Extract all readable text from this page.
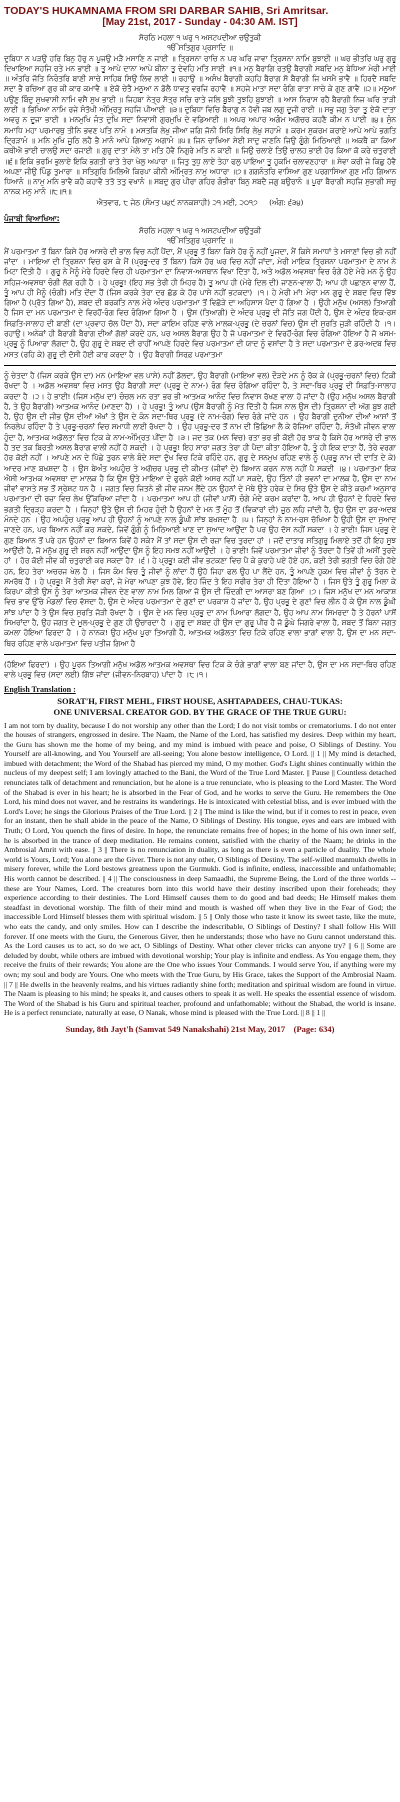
TODAY'S HUKAMNAMA FROM SRI DARBAR SAHIB, Sri Amritsar.
[May 21st, 2017 - Sunday - 04:30 AM. IST]
ਸੋਰਠਿ ਮਹਲਾ ੧ ਘਰੁ ੧ ਅਸਟਪਦੀਆ ਚਉਤੁਕੀ
ੴ ਸਤਿਗੁਰ ਪ੍ਰਸਾਦਿ ॥

ਦੁਬਿਧਾ ਨ ਪੜਉ ਹਰਿ ਬਿਨੁ ਹੋਰੁ ਨ ਪੂਜਉ ਮੜੈ ਮਸਾਣਿ ਨ ਜਾਈ ॥ ਤ੍ਰਿਸਨਾ ਰਾਚਿ ਨ ਪਰ ਘਰਿ ਜਾਵਾ ਤ੍ਰਿਸਨਾ ਨਾਮਿ ਬੁਝਾਈ ॥ ਘਰ ਭੀਤਰਿ ਘਰੁ ਗੁਰੂ ਦਿਖਾਇਆ ਸਹਜਿ ਰਤੇ ਮਨ ਭਾਈ ॥ ਤੂ ਆਪੇ ਦਾਨਾ ਆਪੇ ਬੀਨਾ ਤੂ ਦੇਵਹਿ ਮਤਿ ਸਾਈ ॥੧॥ ਮਨੁ ਬੈਰਾਗਿ ਰਤਉ ਬੈਰਾਗੀ ਸਬਦਿ ਮਨੁ ਬੇਧਿਆ ਮੇਰੀ ਮਾਈ ॥ ਅੰਤਰਿ ਜੋਤਿ ਨਿਰੰਤਰਿ ਬਾਣੀ ਸਾਚੇ ਸਾਹਿਬ ਸਿਉ ਲਿਵ ਲਾਈ ॥ ਰਹਾਉ ॥ ਅਸੰਖ ਬੈਰਾਗੀ ਕਹਹਿ ਬੈਰਾਗ ਸੋ ਬੈਰਾਗੀ ਜਿ ਖਸਮੈ ਭਾਵੈ ॥ ਹਿਰਦੈ ਸਬਦਿ ਸਦਾ ਭੈ ਰਚਿਆ ਗੁਰ ਕੀ ਕਾਰ ਕਮਾਵੈ ॥ ਏਕੋ ਚੇਤੈ ਮਨੂਆ ਨ ਡੋਲੈ ਧਾਵਤੁ ਵਰਜਿ ਰਹਾਵੈ ॥ ਸਹਜੇ ਮਾਤਾ ਸਦਾ ਰੰਗਿ ਰਾਤਾ ਸਾਚੇ ਕੇ ਗੁਣ ਗਾਵੈ ॥੨॥ ਮਨੂਆ ਪਉਣੁ ਬਿੰਦੁ ਸੁਖਵਾਸੀ ਨਾਮਿ ਵਸੈ ਸੁਖ ਭਾਈ ॥ ਜਿਹਬਾ ਨੇਤ੍ਰ ਸੋਤ੍ਰ ਸਚਿ ਰਾਤੇ ਜਲਿ ਬੂਝੀ ਤੁਝਹਿ ਬੁਝਾਈ ॥ ਆਸ ਨਿਰਾਸ ਰਹੈ ਬੈਰਾਗੀ ਨਿਜ ਘਰਿ ਤਾੜੀ ਲਾਈ ॥ ਭਿਖਿਆ ਨਾਮਿ ਰਜੇ ਸੰਤੋਖੀ ਅੰਮ੍ਰਿਤੁ ਸਹਜਿ ਪੀਆਈ ॥੩॥ ਦੁਬਿਧਾ ਵਿਚਿ ਬੈਰਾਗੁ ਨ ਹੋਵੀ ਜਬ ਲਗੁ ਦੂਜੀ ਰਾਈ ॥ ਸਭੁ ਜਗੁ ਤੇਰਾ ਤੂ ਏਕੋ ਦਾਤਾ ਅਵਰੁ ਨ ਦੂਜਾ ਭਾਈ ॥ ਮਨਮੁਖਿ ਜੰਤ ਦੁਖਿ ਸਦਾ ਨਿਵਾਸੀ ਗੁਰਮੁਖਿ ਦੇ ਵਡਿਆਈ ॥ ਅਪਰ ਅਪਾਰ ਅਗੰਮ ਅਗੋਚਰ ਕਹਣੈ ਕੀਮ ਨ ਪਾਈ ॥੪॥ ਸੁੰਨ ਸਮਾਧਿ ਮਹਾ ਪਰਮਾਰਥੁ ਤੀਨਿ ਭਵਣ ਪਤਿ ਨਾਮੰ ॥ ਮਸਤਕਿ ਲੇਖੁ ਜੀਆ ਜਗਿ ਜੋਨੀ ਸਿਰਿ ਸਿਰਿ ਲੇਖੁ ਸਹਾਮੰ ॥ ਕਰਮ ਸੁਕਰਮ ਕਰਾਏ ਆਪੇ ਆਪੇ ਭਗਤਿ ਦ੍ਰਿੜਾਮੰ ॥ ਮਨਿ ਮੁਖਿ ਜੂਠਿ ਲਹੈ ਭੈ ਮਾਨੰ ਆਪੇ ਗਿਆਨੁ ਅਗਾਮੰ ॥੫॥ ਜਿਨ ਚਾਖਿਆ ਸੇਈ ਸਾਦੁ ਜਾਣਨਿ ਜਿਉ ਗੂੰਗੇ ਮਿਠਿਆਈ ॥ ਅਕਥੈ ਕਾ ਕਿਆ ਕਥੀਐ ਭਾਈ ਚਾਲਉ ਸਦਾ ਰਜਾਈ ॥ ਗੁਰੁ ਦਾਤਾ ਮੇਲੇ ਤਾ ਮਤਿ ਹੋਵੈ ਨਿਗੁਰੇ ਮਤਿ ਨ ਕਾਈ ॥ ਜਿਉ ਚਲਾਏ ਤਿਉ ਚਾਲਹ ਭਾਈ ਹੋਰ ਕਿਆ ਕੋ ਕਰੇ ਚਤੁਰਾਈ ॥੬॥ ਇਕਿ ਭਰਮਿ ਭੁਲਾਏ ਇਕਿ ਭਗਤੀ ਰਾਤੇ ਤੇਰਾ ਖੇਲੁ ਅਪਾਰਾ ॥ ਜਿਤੁ ਤੁਧੁ ਲਾਏ ਤੇਹਾ ਫਲੁ ਪਾਇਆ ਤੂ ਹੁਕਮਿ ਚਲਾਵਣਹਾਰਾ ॥ ਸੇਵਾ ਕਰੀ ਜੇ ਕਿਛੁ ਹੋਵੈ ਅਪਣਾ ਜੀਉ ਪਿੰਡੁ ਤੁਮਾਰਾ ॥ ਸਤਿਗੁਰਿ ਮਿਲਿਐ ਕਿਰਪਾ ਕੀਨੀ ਅੰਮ੍ਰਿਤ ਨਾਮੁ ਅਧਾਰਾ ॥੭॥ ਗਗਨੰਤਰਿ ਵਾਸਿਆ ਗੁਣ ਪਰਗਾਸਿਆ ਗੁਣ ਮਹਿ ਗਿਆਨ ਧਿਆਨੰ ॥ ਨਾਮੁ ਮਨਿ ਭਾਵੈ ਕਹੈ ਕਹਾਵੈ ਤਤੋ ਤਤੁ ਵਖਾਨੰ ॥ ਸਬਦੁ ਗੁਰ ਪੀਰਾ ਗਹਿਰ ਗੰਭੀਰਾ ਬਿਨੁ ਸਬਦੈ ਜਗੁ ਬਉਰਾਨੰ ॥ ਪੂਰਾ ਬੈਰਾਗੀ ਸਹਜਿ ਸੁਭਾਗੀ ਸਚੁ ਨਾਨਕ ਮਨੁ ਮਾਨੰ ॥੮॥੧॥

ਐਤਵਾਰ, ੮ ਜੇਠ (ਸੰਮਤ ੫੪੯ ਨਾਨਕਸ਼ਾਹੀ) ੨੧ ਮਈ, ੨੦੧੭ (ਅੰਗ: ੬੩੪)
ਪੰਜਾਬੀ ਵਿਆਖਿਆ:
ਸੋਰਠਿ ਮਹਲਾ ੧ ਘਰੁ ੧ ਅਸਟਪਦੀਆ ਚਉਤੁਕੀ
ੴ ਸਤਿਗੁਰ ਪ੍ਰਸਾਦਿ ॥

ਮੈਂ ਪਰਮਾਤਮਾ ਤੋਂ ਬਿਨਾ ਕਿਸੇ ਹੋਰ ਆਸਰੇ ਦੀ ਭਾਲ ਵਿਚ ਨਹੀਂ ਪੈਂਦਾ, ਮੈਂ ਪ੍ਰਭੂ ਤੋਂ ਬਿਨਾ ਕਿਸੇ ਹੋਰ ਨੂੰ ਨਹੀਂ ਪੂਜਦਾ, ਮੈਂ ਕਿਸੇ ਸਮਾਧਾਂ ਤੇ ਮਸਾਣਾਂ ਵਿਚ ਭੀ ਨਹੀਂ ਜਾਂਦਾ । ਮਾਇਆ ਦੀ ਤ੍ਰਿਸ਼ਨਾ ਵਿਚ ਫਸ ਕੇ ਮੈਂ (ਪ੍ਰਭੂ-ਦਰ ਤੋਂ ਬਿਨਾ) ਕਿਸੇ ਹੋਰ ਘਰ ਵਿਚ ਨਹੀਂ ਜਾਂਦਾ, ਮੇਰੀ ਮਾਇਕ ਤ੍ਰਿਸ਼ਨਾ ਪਰਮਾਤਮਾ ਦੇ ਨਾਮ ਨੇ ਮਿਟਾ ਦਿੱਤੀ ਹੈ । ਗੁਰੂ ਨੇ ਮੈਨੂੰ ਮੇਰੇ ਹਿਰਦੇ ਵਿਚ ਹੀ ਪਰਮਾਤਮਾ ਦਾ ਨਿਵਾਸ-ਅਸਥਾਨ ਵਿਖਾ ਦਿੱਤਾ ਹੈ, ਅਤੇ ਅਡੋਲ ਅਵਸਥਾ ਵਿਚ ਰੰਗੇ ਹੋਏ ਮੇਰੇ ਮਨ ਨੂੰ ਉਹ ਸਹਿਜ-ਅਵਸਥਾ ਚੰਗੀ ਲੱਗ ਰਹੀ ਹੈ । ਹੇ ਪ੍ਰਭੂ! (ਇਹ ਸਭ ਤੇਰੀ ਹੀ ਮਿਹਰ ਹੈ) ਤੂ ਆਪ ਹੀ (ਮੇਰੇ ਦਿਲ ਦੀ) ਜਾਣਨ-ਵਾਲਾ ਹੈਂ; ਆਪ ਹੀ ਪਛਾਣਨ ਵਾਲਾ ਹੈਂ, ਤੂੰ ਆਪ ਹੀ ਮੈਨੂੰ (ਚੰਗੀ) ਮਤਿ ਦੇਂਦਾ ਹੈਂ (ਜਿਸ ਕਰਕੇ ਤੇਰਾ ਦਰ ਛੱਡ ਕੇ ਹੋਰ ਪਾਸੇ ਨਹੀਂ ਭਟਕਦਾ) ।੧। ਹੇ ਮੇਰੀ ਮਾਂ! ਮੇਰਾ ਮਨ ਗੁਰੂ ਦੇ ਸ਼ਬਦ ਵਿਚ ਵਿੱਝ ਗਿਆ ਹੈ (ਪ੍ਰੋਤ ਗਿਆ ਹੈ), ਸ਼ਬਦ ਦੀ ਬਰਕਤਿ ਨਾਲ ਮੇਰੇ ਅੰਦਰ ਪਰਮਾਤਮਾ ਤੋਂ ਵਿਛੋੜੇ ਦਾ ਅਹਿਸਾਸ ਪੈਦਾ ਹੋ ਗਿਆ ਹੈ । ਉਹੀ ਮਨੁੱਖ (ਅਸਲ) ਤਿਆਗੀ ਹੈ ਜਿਸ ਦਾ ਮਨ ਪਰਮਾਤਮਾ ਦੇ ਵਿਰਹੋਂ-ਰੰਗ ਵਿਚ ਰੰਗਿਆ ਗਿਆ ਹੈ । ਉਸ (ਤਿਆਗੀ) ਦੇ ਅੰਦਰ ਪ੍ਰਭੂ ਦੀ ਜੋਤਿ ਜਗ ਪੈਂਦੀ ਹੈ, ਉਸ ਦੇ ਅੰਦਰ ਇਕ-ਰਸ ਸਿਫ਼ਤਿ-ਸਾਲਾਹ ਦੀ ਬਾਣੀ (ਦਾ ਪ੍ਰਵਾਹ ਚੱਲ ਪੈਂਦਾ ਹੈ), ਸਦਾ ਕਾਇਮ ਰਹਿਣ ਵਾਲੇ ਮਾਲਕ-ਪ੍ਰਭੂ (ਦੇ ਚਰਨਾਂ ਵਿਚ) ਉਸ ਦੀ ਸੁਰਤਿ ਜੁੜੀ ਰਹਿੰਦੀ ਹੈ ।੧।ਰਹਾਉ। ਅਨੇਕਾਂ ਹੀ ਬੈਰਾਗੀ ਬੈਰਾਗ ਦੀਆਂ ਗੱਲਾਂ ਕਰਦੇ ਹਨ, ਪਰ ਅਸਲ ਬੈਰਾਗ ਉਹ ਹੈ ਜੋ ਪਰਮਾਤਮਾ ਦੇ ਵਿਰਹੋਂ-ਰੰਗ ਵਿਚ ਰੰਗਿਆ ਹੋਇਆ ਹੈ ਜੋ ਖਸਮ-ਪ੍ਰਭੂ ਨੂੰ ਪਿਆਰਾ ਲੱਗਦਾ ਹੈ, ਉਹ ਗੁਰੂ ਦੇ ਸ਼ਬਦ ਦੀ ਰਾਹੀਂ ਆਪਣੇ ਹਿਰਦੇ ਵਿਚ ਪਰਮਾਤਮਾ ਦੀ ਯਾਦ ਨੂੰ ਵਸਾਂਦਾ ਹੈ ਤੇ ਸਦਾ ਪਰਮਾਤਮਾ ਦੇ ਡਰ-ਅਦਬ ਵਿਚ ਮਸਤ (ਰਹਿ ਕੇ) ਗੁਰੂ ਦੀ ਦੱਸੀ ਹੋਈ ਕਾਰ ਕਰਦਾ ਹੈ । ਉਹ ਬੈਰਾਗੀ ਸਿਰਫ਼ ਪਰਮਾਤਮਾ

ਨੂੰ ਚੇਤਦਾ ਹੈ (ਜਿਸ ਕਰਕੇ ਉਸ ਦਾ) ਮਨ (ਮਾਇਆ ਵਲ ਪਾਸੇ) ਨਹੀਂ ਡੋਲਦਾ, ਉਹ ਬੈਰਾਗੀ (ਮਾਇਆ ਵਲ) ਦੌੜਦੇ ਮਨ ਨੂੰ ਰੋਕ ਕੇ (ਪ੍ਰਭੂ-ਚਰਨਾਂ ਵਿਚ) ਟਿਕੀ ਰੱਖਦਾ ਹੈ । ਅਡੋਲ ਅਵਸਥਾ ਵਿਚ ਮਸਤ ਉਹ ਬੈਰਾਗੀ ਸਦਾ (ਪ੍ਰਭੂ ਦੇ ਨਾਮ-) ਰੰਗ ਵਿਚ ਰੰਗਿਆ ਰਹਿੰਦਾ ਹੈ, ਤੇ ਸਦਾ-ਥਿਰ ਪ੍ਰਭੂ ਦੀ ਸਿਫ਼ਤਿ-ਸਾਲਾਹ ਕਰਦਾ ਹੈ ।੨। ਹੇ ਭਾਈ! (ਜਿਸ ਮਨੁੱਖ ਦਾ) ਚੰਚਲ ਮਨ ਰਤਾ ਭਰ ਭੀ ਆਤਮਕ ਆਨੰਦ ਵਿਚ ਨਿਵਾਸ ਰੱਖਣ ਵਾਲਾ ਹੋ ਜਾਂਦਾ ਹੈ (ਉਹ ਮਨੁੱਖ ਅਸਲ ਬੈਰਾਗੀ ਹੈ, ਤੇ ਉਹ ਬੈਰਾਗੀ) ਆਤਮਕ ਆਨੰਦ (ਮਾਣਦਾ ਹੈ) । ਹੇ ਪ੍ਰਭੂ! ਤੂੰ ਆਪ (ਉਸ ਬੈਰਾਗੀ ਨੂੰ ਮੱਤ ਦਿੱਤੀ ਹੈ ਜਿਸ ਨਾਲ ਉਸ ਦੀ) ਤ੍ਰਿਸ਼ਨਾ ਦੀ ਅੱਗ ਬੁਝ ਗਈ ਹੈ, ਉਹ ਉਸ ਦੀ ਜੀਭ ਉਸ ਦੀਆਂ ਅੱਖਾਂ ਤੇ ਉਸ ਦੇ ਕੰਨ ਸਦਾ-ਥਿਰ ਪ੍ਰਭੂ (ਦੇ ਨਾਮ-ਰੰਗ) ਵਿਚ ਰੰਗੇ ਜਾਂਦੇ ਹਨ । ਉਹ ਬੈਰਾਗੀ ਦੁਨੀਆ ਦੀਆਂ ਆਸਾਂ ਤੋਂ ਨਿਰਲੇਪ ਰਹਿੰਦਾ ਹੈ ਤੇ ਪ੍ਰਭੂ-ਚਰਨਾਂ ਵਿਚ ਸਮਾਧੀ ਲਾਈ ਰੱਖਦਾ ਹੈ । ਉਹ ਪ੍ਰਭੂ-ਦਰ ਤੋਂ ਨਾਮ ਦੀ ਭਿੱਛਿਆ ਲੈ ਕੇ ਰੱਜਿਆ ਰਹਿੰਦਾ ਹੈ, ਸੰਤੋਖੀ ਜੀਵਨ ਵਾਲਾ ਹੁੰਦਾ ਹੈ, ਆਤਮਕ ਅਡੋਲਤਾ ਵਿਚ ਟਿਕ ਕੇ ਨਾਮ-ਅੰਮ੍ਰਿਤ ਪੀਂਦਾ ਹੈ ।੩। ਜਦ ਤਕ (ਮਨ ਵਿਚ) ਰਤਾ ਭਰ ਭੀ ਕੋਈ ਹੋਰ ਝਾਕ ਹੈ ਕਿਸੇ ਹੋਰ ਆਸਰੇ ਦੀ ਭਾਲ ਹੈ ਤਦ ਤਕ ਬਿਰਤੀ ਅਸਲ ਬੈਰਾਗ ਵਾਲੀ ਨਹੀਂ ਹੋ ਸਕਦੀ । ਹੇ ਪ੍ਰਭੂ! ਇਹ ਸਾਰਾ ਜਗਤ ਤੇਰਾ ਹੀ ਪੈਦਾ ਕੀਤਾ ਹੋਇਆ ਹੈ, ਤੂੰ ਹੀ ਇਕ ਦਾਤਾ ਹੈਂ, ਤੇਰੇ ਵਰਗਾ ਹੋਰ ਕੋਈ ਨਹੀਂ । ਆਪਣੇ ਮਨ ਦੇ ਪਿੱਛੇ ਤੁਰਨ ਵਾਲੇ ਬੰਦੇ ਸਦਾ ਦੁੱਖ ਵਿਚ ਟਿਕੇ ਰਹਿੰਦੇ ਹਨ, ਗੁਰੂ ਦੇ ਸਨਮੁਖ ਰਹਿਣ ਵਾਲੇ ਨੂੰ (ਪ੍ਰਭੂ ਨਾਮ ਦੀ ਦਾਤਿ ਦੇ ਕੇ) ਆਦਰ ਮਾਣ ਬਖਸ਼ਦਾ ਹੈ । ਉਸ ਬੇਅੰਤ ਅਪਹੁੰਚ ਤੇ ਅਗੋਚਰ ਪ੍ਰਭੂ ਦੀ ਕੀਮਤ (ਜੀਵਾਂ ਦੇ) ਬਿਆਨ ਕਰਨ ਨਾਲ ਨਹੀਂ ਪੈ ਸਕਦੀ ।੪। ਪਰਮਾਤਮਾ ਇਕ ਐਸੀ ਆਤਮਕ ਅਵਸਥਾ ਦਾ ਮਾਲਕ ਹੈ ਕਿ ਉਸ ਉਤੇ ਮਾਇਆ ਦੇ ਫੁਰਨੇ ਕੋਈ ਅਸਰ ਨਹੀਂ ਪਾ ਸਕਦੇ, ਉਹ ਤਿੰਨਾਂ ਹੀ ਭਵਨਾਂ ਦਾ ਮਾਲਕ ਹੈ, ਉਸ ਦਾ ਨਾਮ ਜੀਵਾਂ ਵਾਸਤੇ ਸਭ ਤੋਂ ਸ੍ਰੇਸ਼ਟ ਧਨ ਹੈ । ਜਗਤ ਵਿਚ ਜਿਤਨੇ ਭੀ ਜੀਵ ਜਨਮ ਲੈਂਦੇ ਹਨ ਉਹਨਾਂ ਦੇ ਮੱਥੇ ਉਤੇ ਹਰੇਕ ਦੇ ਸਿਰ ਉਤੇ ਉਸ ਦੇ ਕੀਤੇ ਕਰਮਾਂ ਅਨੁਸਾਰ ਪਰਮਾਤਮਾ ਦੀ ਰਜ਼ਾ ਵਿਚ ਲੇਖ ਉੱਕਰਿਆ ਜਾਂਦਾ ਹੈ । ਪਰਮਾਤਮਾ ਆਪ ਹੀ (ਜੀਵਾਂ ਪਾਸੋਂ) ਚੰਗੇ ਮੰਦੇ ਕਰਮ ਕਰਾਂਦਾ ਹੈ, ਆਪ ਹੀ ਉਹਨਾਂ ਦੇ ਹਿਰਦੇ ਵਿਚ ਭਗਤੀ ਦ੍ਰਿੜ੍ਹ ਕਰਦਾ ਹੈ । ਜਿਨ੍ਹਾਂ ਉਤੇ ਉਸ ਦੀ ਮਿਹਰ ਹੁੰਦੀ ਹੈ ਉਹਨਾਂ ਦੇ ਮਨ ਤੋਂ ਮੂੰਹ ਤੋਂ (ਵਿਕਾਰਾਂ ਦੀ) ਜੂਠ ਲਹਿ ਜਾਂਦੀ ਹੈ, ਉਹ ਉਸ ਦਾ ਡਰ-ਅਦਬ ਮੰਨਦੇ ਹਨ । ਉਹ ਅਪਹੁੰਚ ਪ੍ਰਭੂ ਆਪ ਹੀ ਉਹਨਾਂ ਨੂੰ ਆਪਣੇ ਨਾਲ ਡੂੰਘੀ ਸਾਂਝ ਬਖਸ਼ਦਾ ਹੈ ।੫। ਜਿਨ੍ਹਾਂ ਨੇ ਨਾਮ-ਰਸ ਚੱਖਿਆ ਹੈ ਉਹੀ ਉਸ ਦਾ ਸੁਆਦ ਜਾਣਦੇ ਹਨ, ਪਰ ਬਿਆਨ ਨਹੀਂ ਕਰ ਸਕਦੇ, ਜਿਵੇਂ ਗੂੰਗੇ ਨੂੰ ਮਿਠਿਆਈ ਖਾਣ ਦਾ ਸੁਆਦ ਆਉਂਦਾ ਹੈ ਪਰ ਉਹ ਦੱਸ ਨਹੀਂ ਸਕਦਾ । ਹੇ ਭਾਈ! ਜਿਸ ਪ੍ਰਭੂ ਦੇ ਗੁਣ ਬਿਆਨ ਤੋਂ ਪਰੇ ਹਨ ਉਹਨਾਂ ਦਾ ਬਿਆਨ ਕਿਵੇਂ ਹੋ ਸਕੇ? ਮੈਂ ਤਾਂ ਸਦਾ ਉਸ ਦੀ ਰਜ਼ਾ ਵਿਚ ਤੁਰਦਾ ਹਾਂ । ਜਦੋਂ ਦਾਤਾਰ ਸਤਿਗੁਰੂ ਮਿਲਾਏ ਤਦੋਂ ਹੀ ਇਹ ਸੂਝ ਆਉਂਦੀ ਹੈ, ਜੋ ਮਨੁੱਖ ਗੁਰੂ ਦੀ ਸ਼ਰਨ ਨਹੀਂ ਆਉਂਦਾ ਉਸ ਨੂੰ ਇਹ ਸਮਝ ਨਹੀਂ ਆਉਂਦੀ । ਹੇ ਭਾਈ! ਜਿਵੇਂ ਪਰਮਾਤਮਾ ਜੀਵਾਂ ਨੂੰ ਤੋਰਦਾ ਹੈ ਤਿਵੇਂ ਹੀ ਅਸੀਂ ਤੁਰਦੇ ਹਾਂ । ਹੋਰ ਕੋਈ ਜੀਵ ਕੀ ਚਤੁਰਾਈ ਕਰ ਸਕਦਾ ਹੈ? ।੬। ਹੇ ਪ੍ਰਭੂ! ਕਈ ਜੀਵ ਭਟਕਣਾ ਵਿਚ ਪੈ ਕੇ ਕੁਰਾਹੇ ਪਏ ਹੋਏ ਹਨ, ਕਈ ਤੇਰੀ ਭਗਤੀ ਵਿਚ ਰੰਗੇ ਹੋਏ ਹਨ, ਇਹ ਤੇਰਾ ਅਚਰਜ ਖੇਲ ਹੈ । ਜਿਸ ਕੰਮ ਵਿਚ ਤੂੰ ਜੀਵਾਂ ਨੂੰ ਲਾਂਦਾ ਹੈਂ ਉਹੋ ਜਿਹਾ ਫਲ ਉਹ ਪਾ ਲੈਂਦੇ ਹਨ, ਤੂੰ ਆਪਣੇ ਹੁਕਮ ਵਿਚ ਜੀਵਾਂ ਨੂੰ ਤੋਰਨ ਦੇ ਸਮਰੱਥ ਹੈਂ । ਹੇ ਪ੍ਰਭੂ! ਮੈਂ ਤੇਰੀ ਸੇਵਾ ਕਰਾਂ, ਜੇ ਮੇਰਾ ਆਪਣਾ ਕੁਝ ਹੋਵੇ, ਇਹ ਜਿੰਦ ਤੇ ਇਹ ਸਰੀਰ ਤੇਰਾ ਹੀ ਦਿੱਤਾ ਹੋਇਆ ਹੈ । ਜਿਸ ਉਤੇ ਤੂੰ ਗੁਰੂ ਮਿਲਾ ਕੇ ਕਿਰਪਾ ਕੀਤੀ ਉਸ ਨੂੰ ਤੇਰਾ ਆਤਮਕ ਜੀਵਨ ਦੇਣ ਵਾਲਾ ਨਾਮ ਮਿਲ ਗਿਆ ਜੋ ਉਸ ਦੀ ਜ਼ਿੰਦਗੀ ਦਾ ਆਸਰਾ ਬਣ ਗਿਆ ।੭। ਜਿਸ ਮਨੁੱਖ ਦਾ ਮਨ ਆਕਾਸ਼ ਵਿਚ ਭਾਵ ਉੱਚੇ ਮੰਡਲਾਂ ਵਿਚ ਵੱਸਦਾ ਹੈ, ਉਸ ਦੇ ਅੰਦਰ ਪਰਮਾਤਮਾ ਦੇ ਗੁਣਾਂ ਦਾ ਪਰਕਾਸ਼ ਹੋ ਜਾਂਦਾ ਹੈ, ਉਹ ਪ੍ਰਭੂ ਦੇ ਗੁਣਾਂ ਵਿਚ ਲੀਨ ਹੋ ਕੇ ਉਸ ਨਾਲ ਡੂੰਘੀ ਸਾਂਝ ਪਾਂਦਾ ਹੈ ਤੇ ਉਸ ਵਿਚ ਸੁਰਤਿ ਜੋੜੀ ਰੱਖਦਾ ਹੈ । ਉਸ ਦੇ ਮਨ ਵਿਚ ਪ੍ਰਭੂ ਦਾ ਨਾਮ ਪਿਆਰਾ ਲੱਗਦਾ ਹੈ, ਉਹ ਆਪ ਨਾਮ ਸਿਮਰਦਾ ਹੈ ਤੇ ਹੋਰਨਾਂ ਪਾਸੋਂ ਸਿਮਰਾਂਦਾ ਹੈ, ਉਹ ਜਗਤ ਦੇ ਮੂਲ-ਪ੍ਰਭੂ ਦੇ ਗੁਣ ਹੀ ਉਚਾਰਦਾ ਹੈ । ਗੁਰੂ ਦਾ ਸ਼ਬਦ ਹੀ ਉਸ ਦਾ ਗੁਰੂ ਪੀਰ ਹੈ ਜੋ ਡੂੰਘੇ ਜਿਗਰੇ ਵਾਲਾ ਹੈ, ਸ਼ਬਦ ਤੋਂ ਬਿਨਾ ਜਗਤ ਕਮਲਾ ਹੋਇਆ ਫਿਰਦਾ ਹੈ । ਹੇ ਨਾਨਕ! ਉਹ ਮਨੁੱਖ ਪੂਰਾ ਤਿਆਗੀ ਹੈ, ਆਤਮਕ ਅਡੋਲਤਾ ਵਿਚ ਟਿਕੇ ਰਹਿਣ ਵਾਲਾ ਭਾਗਾਂ ਵਾਲਾ ਹੈ, ਉਸ ਦਾ ਮਨ ਸਦਾ-ਥਿਰ ਰਹਿਣ ਵਾਲੇ ਪਰਮਾਤਮਾ ਵਿਚ ਪਤੀਜ ਗਿਆ ਹੈ

(ਹੋਇਆ ਫਿਰਦਾ) । ਉਹ ਪੂਰਨ ਤਿਆਗੀ ਮਨੁੱਖ ਅਡੋਲ ਆਤਮਕ ਅਵਸਥਾ ਵਿਚ ਟਿਕ ਕੇ ਚੰਗੇ ਭਾਗਾਂ ਵਾਲਾ ਬਣ ਜਾਂਦਾ ਹੈ, ਉਸ ਦਾ ਮਨ ਸਦਾ-ਥਿਰ ਰਹਿਣ ਵਾਲੇ ਪ੍ਰਭੂ ਵਿਚ (ਸਦਾ ਲਈ) ਗਿੱਝ ਜਾਂਦਾ (ਜੀਵਨ-ਨਿਰਬਾਹ) ਪਾਂਦਾ ਹੈ ।੮।੧।

English Translation :
SORAT'H, FIRST MEHL, FIRST HOUSE, ASHTAPADEES, CHAU-TUKAS:
ONE UNIVERSAL CREATOR GOD. BY THE GRACE OF THE TRUE GURU:

I am not torn by duality, because I do not worship any other than the Lord; I do not visit tombs or crematoriums. I do not enter the houses of strangers, engrossed in desire. The Naam, the Name of the Lord, has satisfied my desires. Deep within my heart, the Guru has shown me the home of my being, and my mind is imbued with peace and poise, O Siblings of Destiny. You Yourself are all-knowing, and You Yourself are all-seeing; You alone bestow intelligence, O Lord. || 1 || My mind is detached, imbued with detachment; the Word of the Shabad has pierced my mind, O my mother. God's Light shines continually within the nucleus of my deepest self; I am lovingly attached to the Bani, the Word of the True Lord Master. || Pause || Countless detached renunciates talk of detachment and renunciation, but he alone is a true renunciate, who is pleasing to the Lord Master. The Word of the Shabad is ever in his heart; he is absorbed in the Fear of God, and he works to serve the Guru. He remembers the One Lord, his mind does not waver, and he restrains its wanderings. He is intoxicated with celestial bliss, and is ever imbued with the Lord's Love; he sings the Glorious Praises of the True Lord. || 2 || The mind is like the wind, but if it comes to rest in peace, even for an instant, then he shall abide in the peace of the Name, O Siblings of Destiny. His tongue, eyes and ears are imbued with Truth; O Lord, You quench the fires of desire. In hope, the renunciate remains free of hopes; in the home of his own inner self, he is absorbed in the trance of deep meditation. He remains content, satisfied with the charity of the Naam; he drinks in the Ambrosial Amrit with ease. || 3 || There is no renunciation in duality, as long as there is even a particle of duality. The whole world is Yours, Lord; You alone are the Giver. There is not any other, O Siblings of Destiny. The self-willed manmukh dwells in misery forever, while the Lord bestows greatness upon the Gurmukh. God is infinite, endless, inaccessible and unfathomable; His worth cannot be described. || 4 || The consciousness in deep Samaadhi, the Supreme Being, the Lord of the three worlds -- these are Your Names, Lord. The creatures born into this world have their destiny inscribed upon their foreheads; they experience according to their destinies. The Lord Himself causes them to do good and bad deeds; He Himself makes them steadfast in devotional worship. The filth of their mind and mouth is washed off when they live in the Fear of God; the inaccessible Lord Himself blesses them with spiritual wisdom. || 5 || Only those who taste it know its sweet taste, like the mute, who eats the candy, and only smiles. How can I describe the indescribable, O Siblings of Destiny? I shall follow His Will forever. If one meets with the Guru, the Generous Giver, then he understands; those who have no Guru cannot understand this. As the Lord causes us to act, so do we act, O Siblings of Destiny. What other clever tricks can anyone try? || 6 || Some are deluded by doubt, while others are imbued with devotional worship; Your play is infinite and endless. As You engage them, they receive the fruits of their rewards; You alone are the One who issues Your Commands. I would serve You, if anything were my own; my soul and body are Yours. One who meets with the True Guru, by His Grace, takes the Support of the Ambrosial Naam. || 7 || He dwells in the heavenly realms, and his virtues radiantly shine forth; meditation and spiritual wisdom are found in virtue. The Naam is pleasing to his mind; he speaks it, and causes others to speak it as well. He speaks the essential essence of wisdom. The Word of the Shabad is his Guru and spiritual teacher, profound and unfathomable; without the Shabad, the world is insane. He is a perfect renunciate, naturally at ease, O Nanak, whose mind is pleased with the True Lord. || 8 || 1 ||

Sunday, 8th Jayt'h (Samvat 549 Nanakshahi) 21st May, 2017 (Page: 634)
